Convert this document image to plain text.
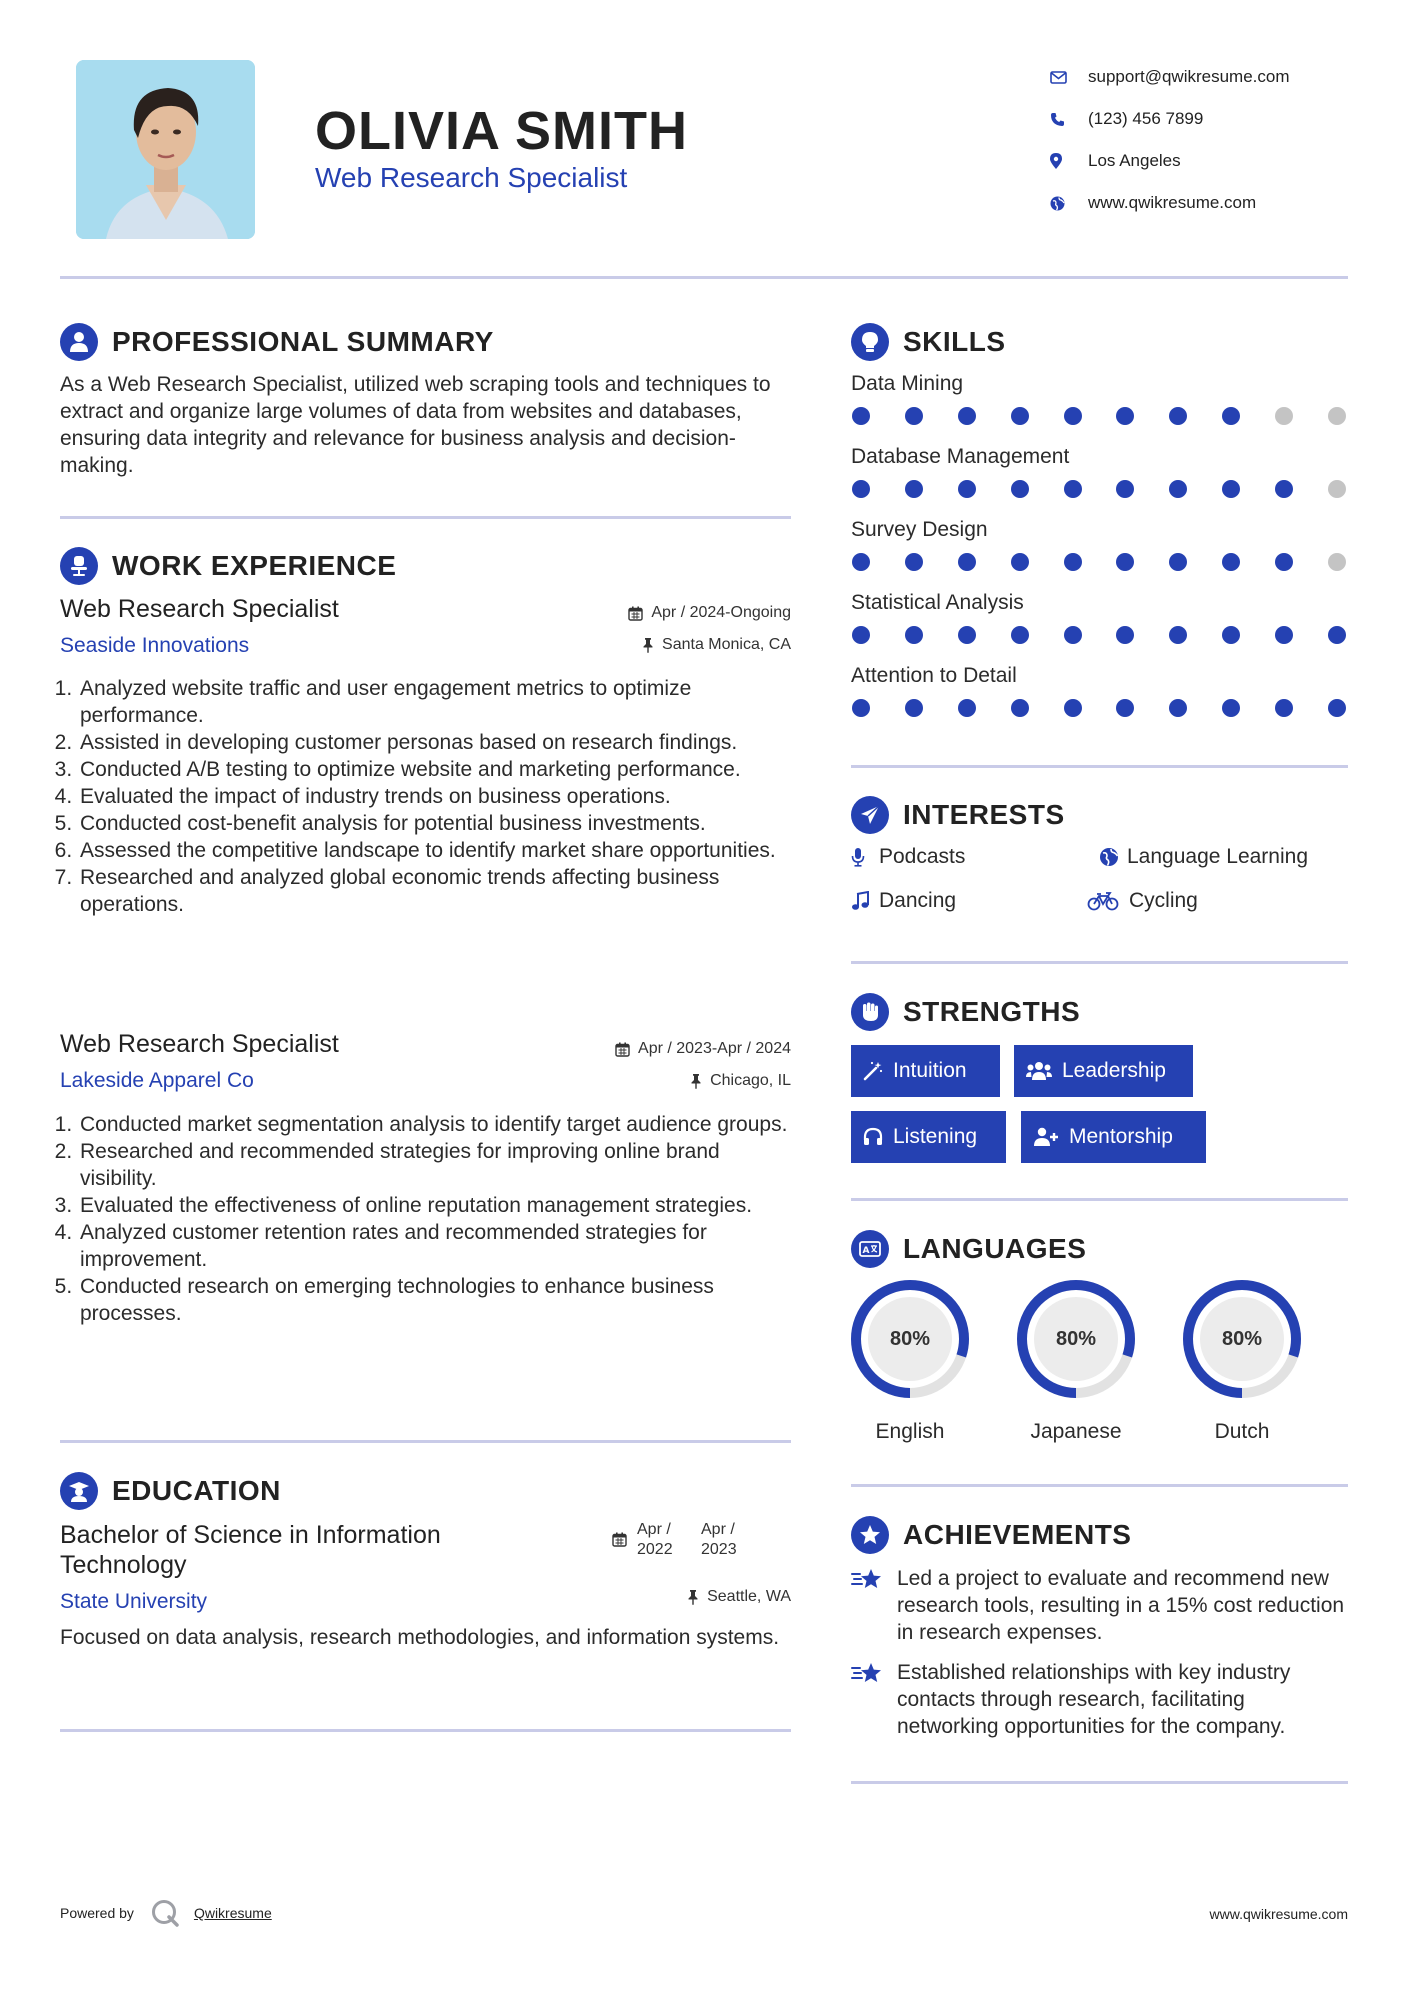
OLIVIA SMITH
Web Research Specialist
support@qwikresume.com
(123) 456 7899
Los Angeles
www.qwikresume.com
PROFESSIONAL SUMMARY
As a Web Research Specialist, utilized web scraping tools and techniques to extract and organize large volumes of data from websites and databases, ensuring data integrity and relevance for business analysis and decision-making.
WORK EXPERIENCE
Web Research Specialist
Seaside Innovations
Apr / 2024-Ongoing
Santa Monica, CA
1. Analyzed website traffic and user engagement metrics to optimize performance.
2. Assisted in developing customer personas based on research findings.
3. Conducted A/B testing to optimize website and marketing performance.
4. Evaluated the impact of industry trends on business operations.
5. Conducted cost-benefit analysis for potential business investments.
6. Assessed the competitive landscape to identify market share opportunities.
7. Researched and analyzed global economic trends affecting business operations.
Web Research Specialist
Lakeside Apparel Co
Apr / 2023-Apr / 2024
Chicago, IL
1. Conducted market segmentation analysis to identify target audience groups.
2. Researched and recommended strategies for improving online brand visibility.
3. Evaluated the effectiveness of online reputation management strategies.
4. Analyzed customer retention rates and recommended strategies for improvement.
5. Conducted research on emerging technologies to enhance business processes.
EDUCATION
Bachelor of Science in Information
Technology
State University
Apr /
2022
Apr /
2023
Seattle, WA
Focused on data analysis, research methodologies, and information systems.
SKILLS
Data Mining
Database Management
Survey Design
Statistical Analysis
Attention to Detail
INTERESTS
Podcasts	Language Learning
Dancing	Cycling
STRENGTHS
Intuition	Leadership
Listening	Mentorship
A LANGUAGES
80%
English
80%
Japanese
80%
Dutch
ACHIEVEMENTS
Led a project to evaluate and recommend new research tools, resulting in a 15% cost reduction in research expenses.
Established relationships with key industry contacts through research, facilitating networking opportunities for the company.
Powered by	Qwikresume	www.qwikresume.com
